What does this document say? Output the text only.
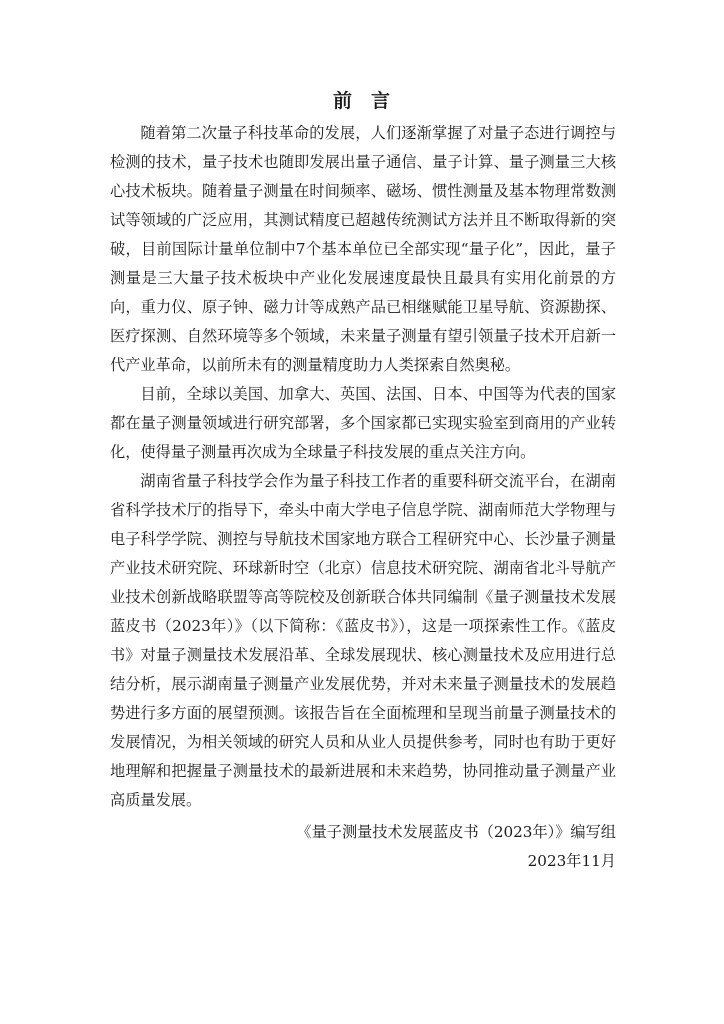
前 言

随着第二次量子科技革命的发展，人们逐渐掌握了对量子态进行调控与检测的技术，量子技术也随即发展出量子通信、量子计算、量子测量三大核心技术板块。随着量子测量在时间频率、磁场、惯性测量及基本物理常数测试等领域的广泛应用，其测试精度已超越传统测试方法并且不断取得新的突破，目前国际计量单位制中7个基本单位已全部实现“量子化”，因此，量子测量是三大量子技术板块中产业化发展速度最快且最具有实用化前景的方向，重力仪、原子钟、磁力计等成熟产品已相继赋能卫星导航、资源勘探、医疗探测、自然环境等多个领域，未来量子测量有望引领量子技术开启新一代产业革命，以前所未有的测量精度助力人类探索自然奥秘。

目前，全球以美国、加拿大、英国、法国、日本、中国等为代表的国家都在量子测量领域进行研究部署，多个国家都已实现实验室到商用的产业转化，使得量子测量再次成为全球量子科技发展的重点关注方向。

湖南省量子科技学会作为量子科技工作者的重要科研交流平台，在湖南省科学技术厅的指导下，牵头中南大学电子信息学院、湖南师范大学物理与电子科学学院、测控与导航技术国家地方联合工程研究中心、长沙量子测量产业技术研究院、环球新时空（北京）信息技术研究院、湖南省北斗导航产业技术创新战略联盟等高等院校及创新联合体共同编制《量子测量技术发展蓝皮书（2023年）》（以下简称：《蓝皮书》），这是一项探索性工作。《蓝皮书》对量子测量技术发展沿革、全球发展现状、核心测量技术及应用进行总结分析，展示湖南量子测量产业发展优势，并对未来量子测量技术的发展趋势进行多方面的展望预测。该报告旨在全面梳理和呈现当前量子测量技术的发展情况，为相关领域的研究人员和从业人员提供参考，同时也有助于更好地理解和把握量子测量技术的最新进展和未来趋势，协同推动量子测量产业高质量发展。

《量子测量技术发展蓝皮书（2023年）》编写组

2023年11月
